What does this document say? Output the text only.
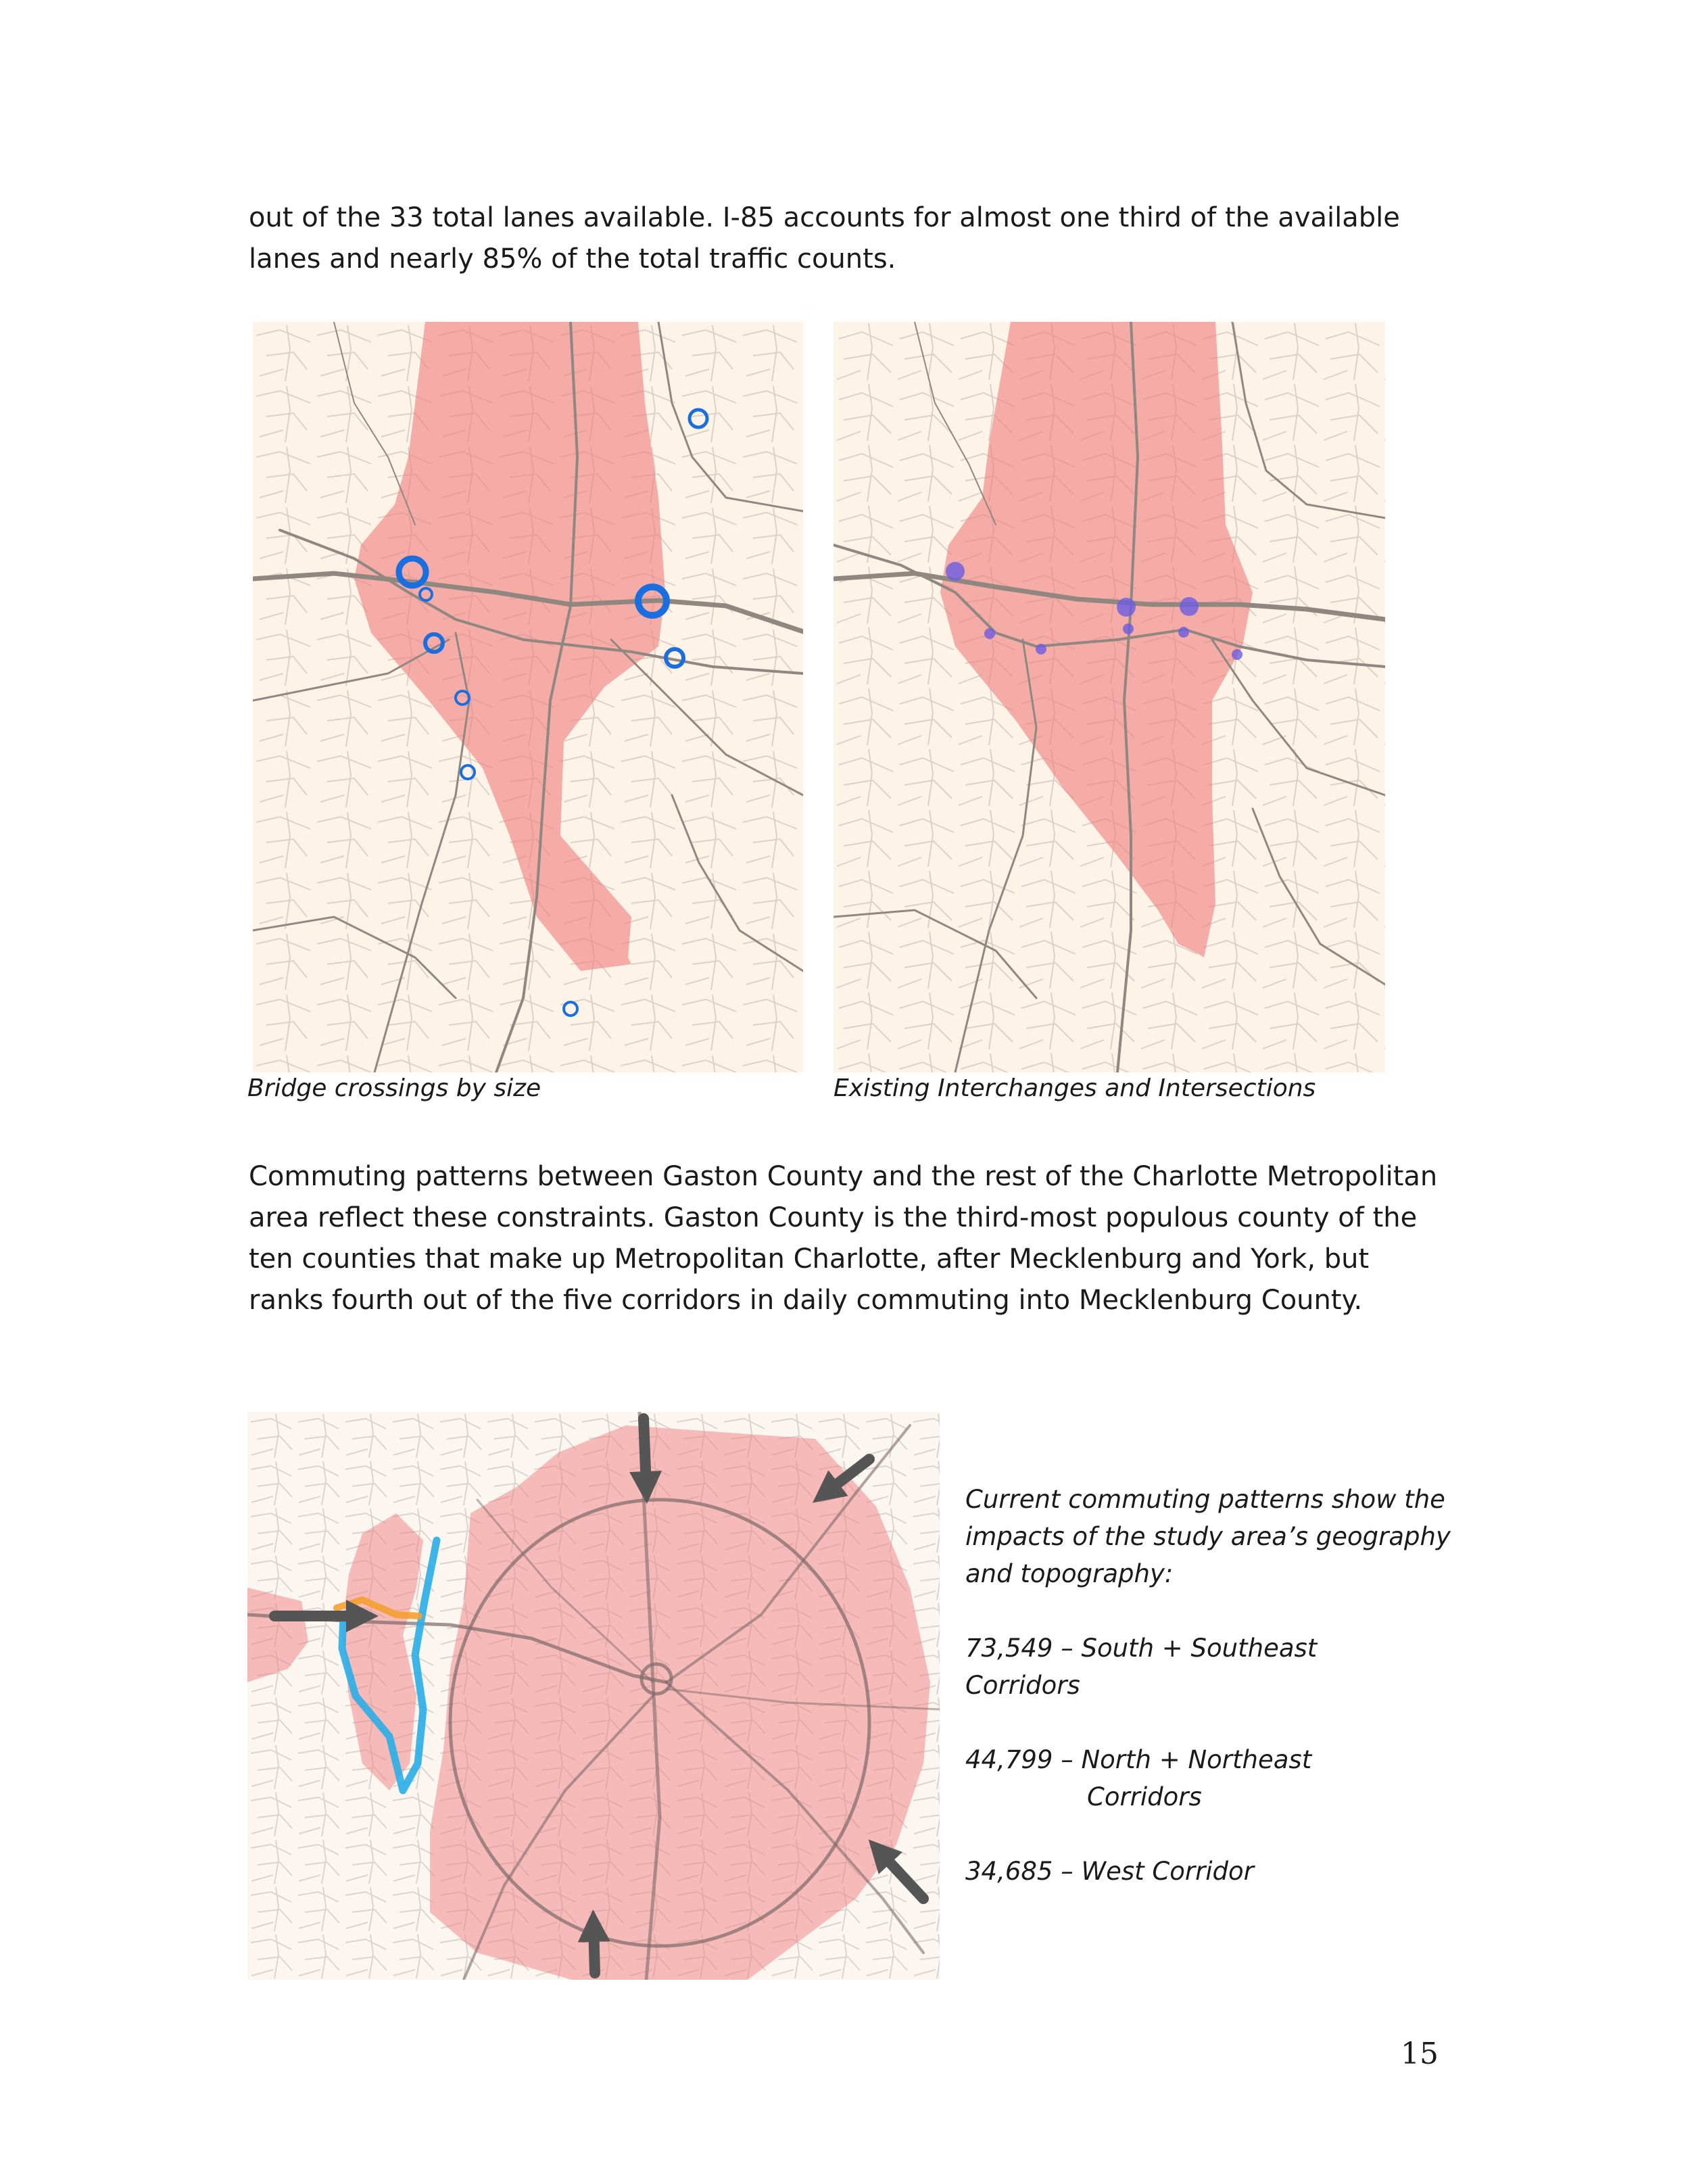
out of the 33 total lanes available. I-85 accounts for almost one third of the available lanes and nearly 85% of the total traffic counts.

Bridge crossings by size	Existing Interchanges and Intersections

Commuting patterns between Gaston County and the rest of the Charlotte Metropolitan area reflect these constraints. Gaston County is the third-most populous county of the ten counties that make up Metropolitan Charlotte, after Mecklenburg and York, but ranks fourth out of the five corridors in daily commuting into Mecklenburg County.

Current commuting patterns show the impacts of the study area’s geography and topography:

73,549 – South + Southeast

Corridors

44,799 – North + Northeast

Corridors

34,685 – West Corridor

15
